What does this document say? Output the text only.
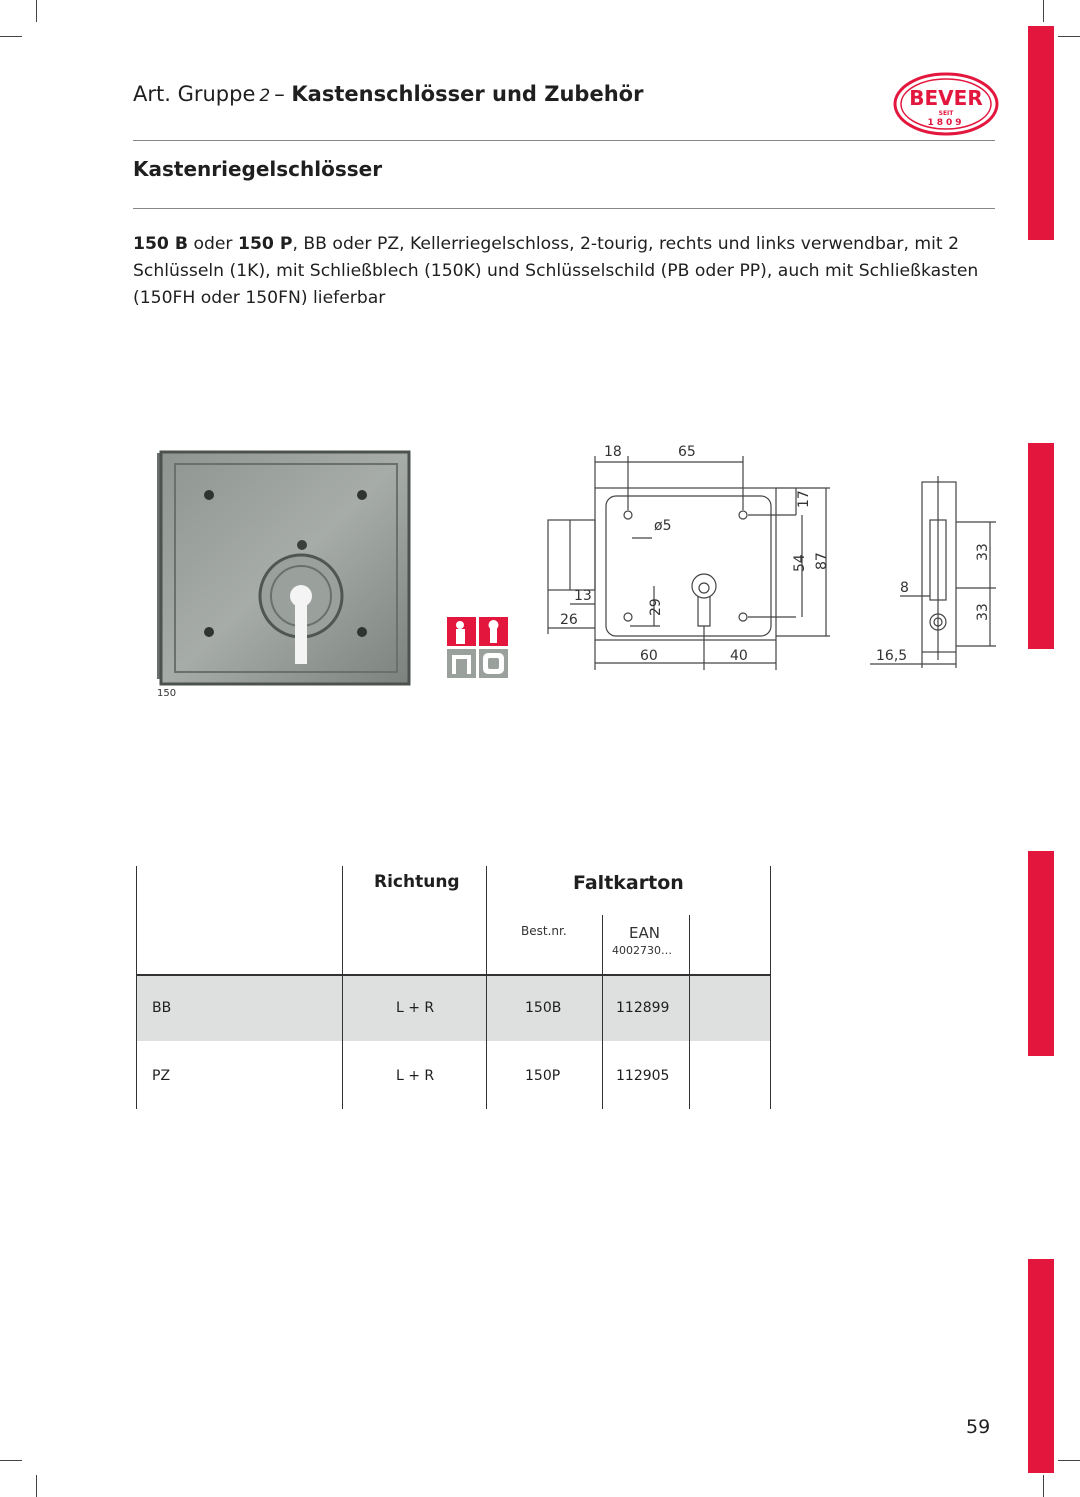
Art. Gruppe 2 – Kastenschlösser und Zubehör	BEVER
SEIT
1809
Kastenriegelschlösser
150 B oder 150 P, BB oder PZ, Kellerriegelschloss, 2-tourig, rechts und links verwendbar, mit 2 Schlüsseln (1K), mit Schließblech (150K) und Schlüsselschild (PB oder PP), auch mit Schließkasten (150FH oder 150FN) lieferbar
150
18	65
ø5
17
54 87
13
26
29
60	40
33
8
33
16,5
Richtung	Faltkarton
Best.nr.	EAN
4002730…
BB	L + R	150B	112899
PZ	L + R	150P	112905
59
